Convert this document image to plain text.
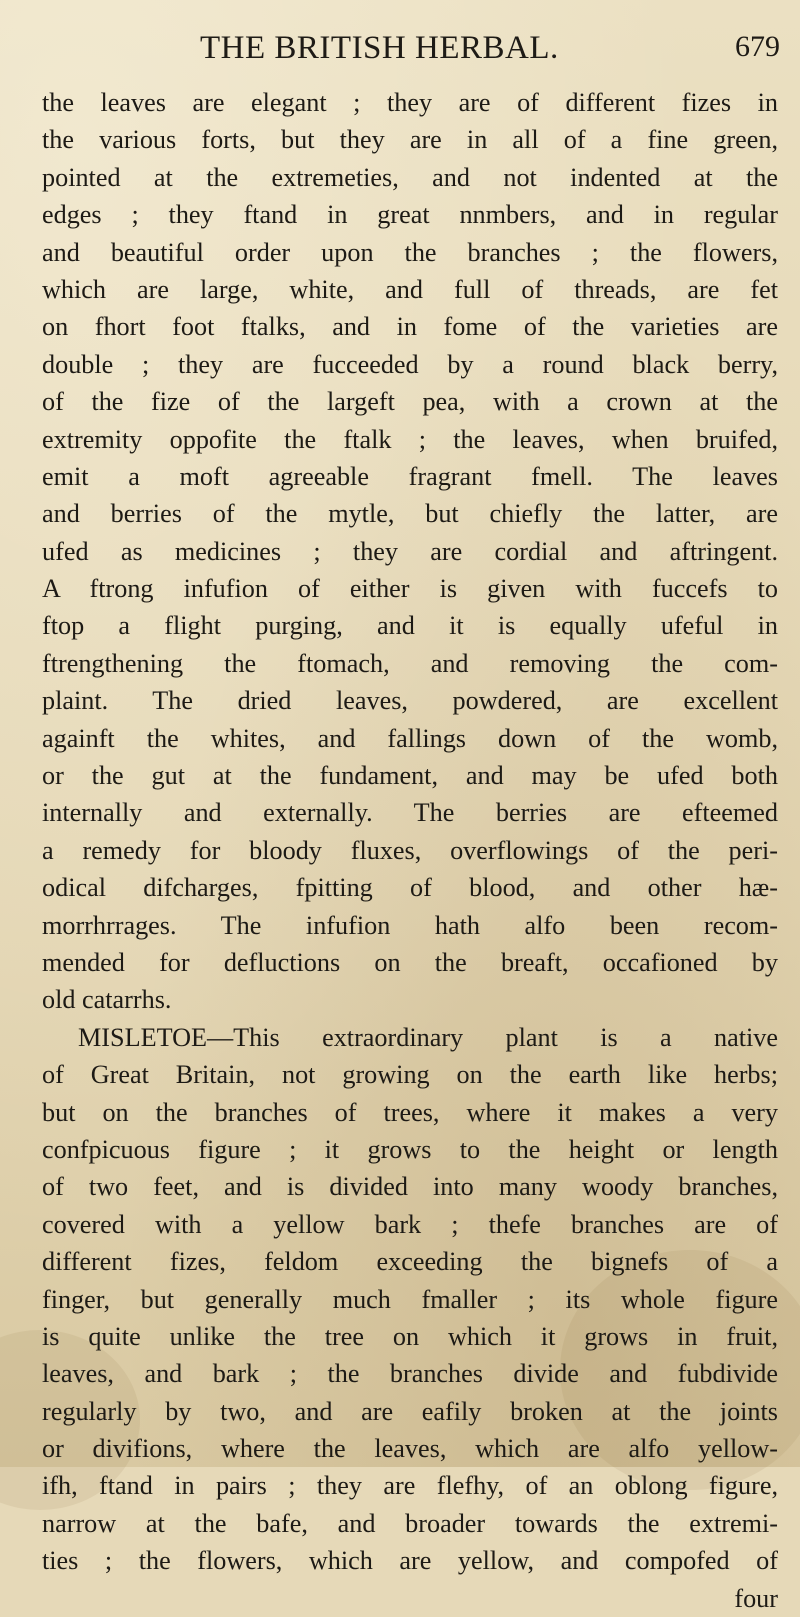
THE BRITISH HERBAL.	679
the leaves are elegant ; they are of different fizes in
the various forts, but they are in all of a fine green,
pointed at the extremeties, and not indented at the
edges ; they ftand in great nnmbers, and in regular
and beautiful order upon the branches ; the flowers,
which are large, white, and full of threads, are fet
on fhort foot ftalks, and in fome of the varieties are
double ; they are fucceeded by a round black berry,
of the fize of the largeft pea, with a crown at the
extremity oppofite the ftalk ; the leaves, when bruifed,
emit a moft agreeable fragrant fmell. The leaves
and berries of the mytle, but chiefly the latter, are
ufed as medicines ; they are cordial and aftringent.
A ftrong infufion of either is given with fuccefs to
ftop a flight purging, and it is equally ufeful in
ftrengthening the ftomach, and removing the com-
plaint. The dried leaves, powdered, are excellent
againft the whites, and fallings down of the womb,
or the gut at the fundament, and may be ufed both
internally and externally. The berries are efteemed
a remedy for bloody fluxes, overflowings of the peri-
odical difcharges, fpitting of blood, and other hæ-
morrhrrages. The infufion hath alfo been recom-
mended for defluctions on the breaft, occafioned by
old catarrhs.
MISLETOE—This extraordinary plant is a native
of Great Britain, not growing on the earth like herbs;
but on the branches of trees, where it makes a very
confpicuous figure ; it grows to the height or length
of two feet, and is divided into many woody branches,
covered with a yellow bark ; thefe branches are of
different fizes, feldom exceeding the bignefs of a
finger, but generally much fmaller ; its whole figure
is quite unlike the tree on which it grows in fruit,
leaves, and bark ; the branches divide and fubdivide
regularly by two, and are eafily broken at the joints
or divifions, where the leaves, which are alfo yellow-
ifh, ftand in pairs ; they are flefhy, of an oblong figure,
narrow at the bafe, and broader towards the extremi-
ties ; the flowers, which are yellow, and compofed of
four
